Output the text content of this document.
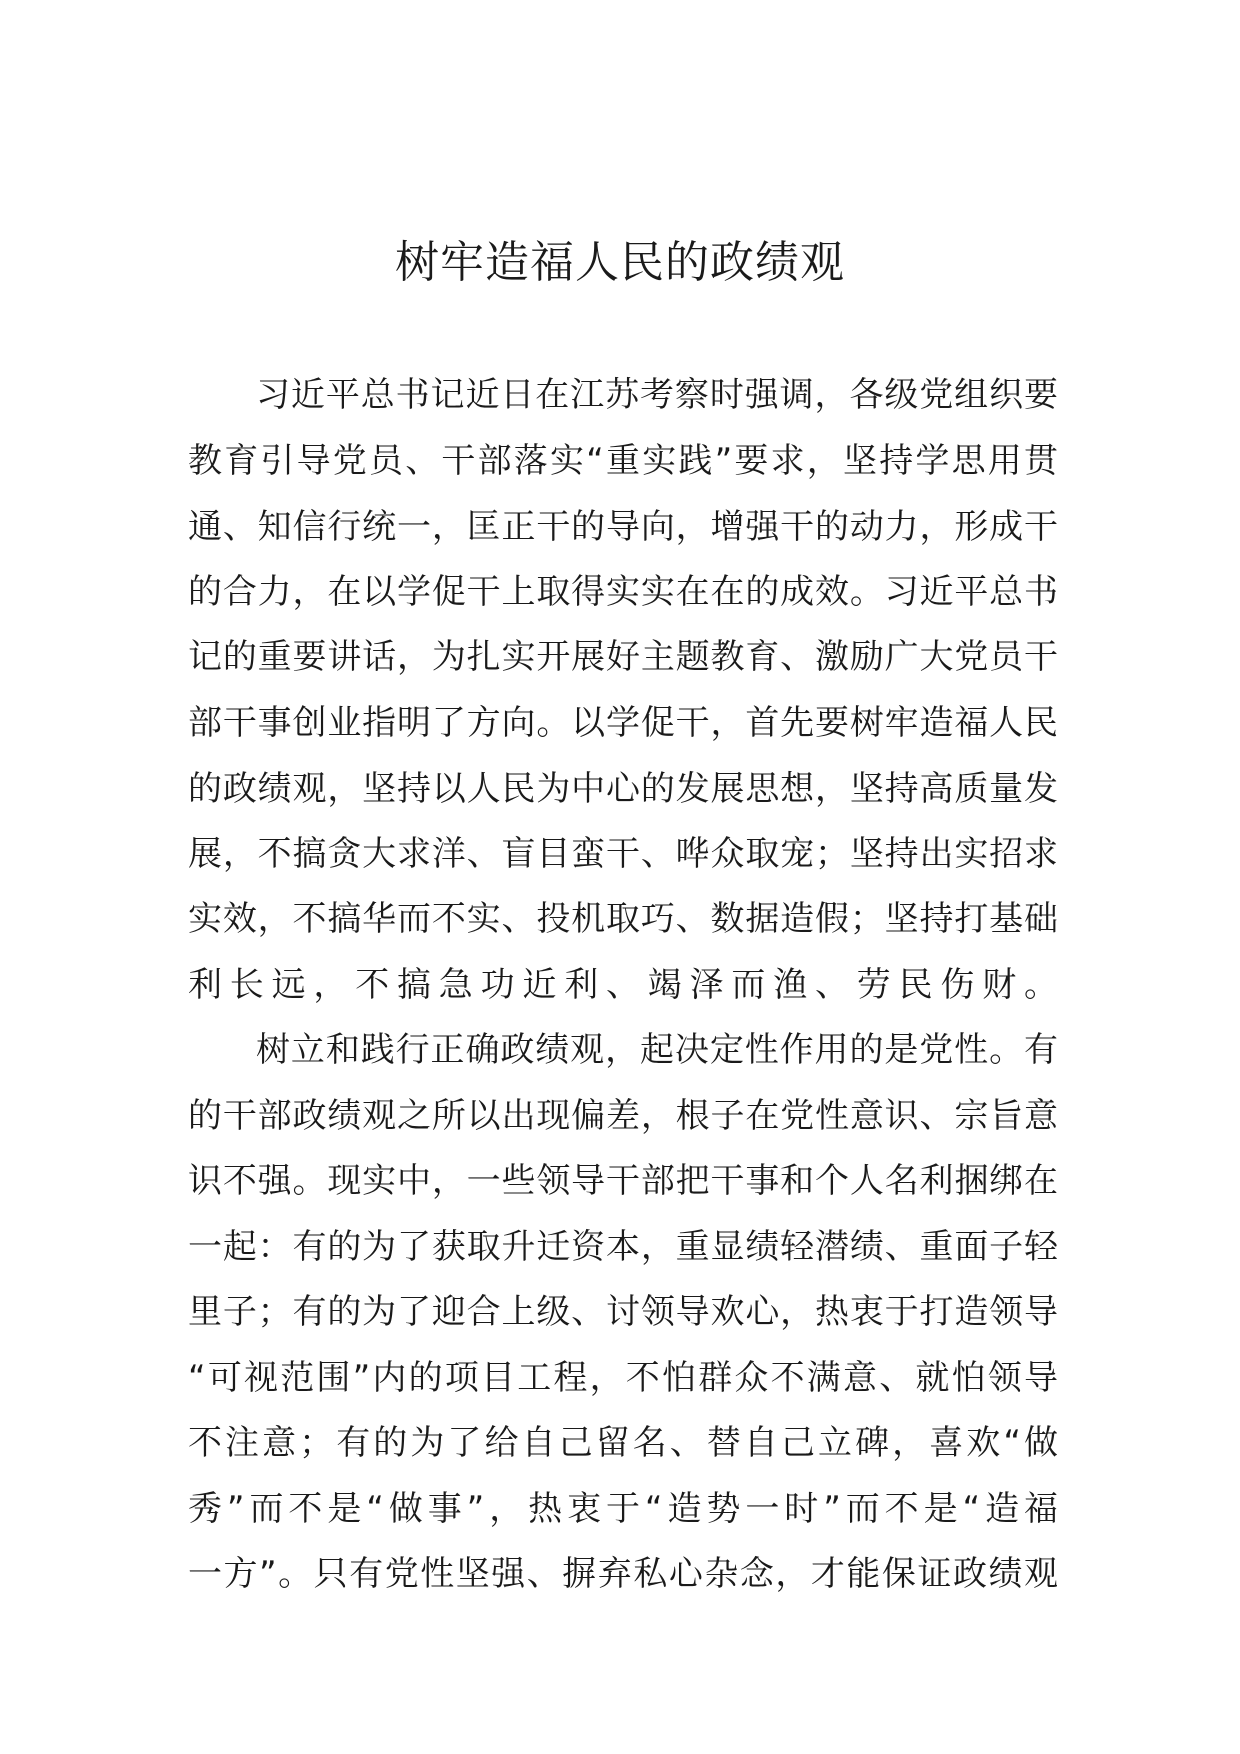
树牢造福人民的政绩观

习近平总书记近日在江苏考察时强调，各级党组织要

教育引导党员、干部落实“重实践”要求，坚持学思用贯

通、知信行统一，匡正干的导向，增强干的动力，形成干

的合力，在以学促干上取得实实在在的成效。习近平总书

记的重要讲话，为扎实开展好主题教育、激励广大党员干

部干事创业指明了方向。以学促干，首先要树牢造福人民

的政绩观，坚持以人民为中心的发展思想，坚持高质量发

展，不搞贪大求洋、盲目蛮干、哗众取宠；坚持出实招求

实效，不搞华而不实、投机取巧、数据造假；坚持打基础

利长远，不搞急功近利、竭泽而渔、劳民伤财。

树立和践行正确政绩观，起决定性作用的是党性。有

的干部政绩观之所以出现偏差，根子在党性意识、宗旨意

识不强。现实中，一些领导干部把干事和个人名利捆绑在

一起：有的为了获取升迁资本，重显绩轻潜绩、重面子轻

里子；有的为了迎合上级、讨领导欢心，热衷于打造领导

“可视范围”内的项目工程，不怕群众不满意、就怕领导

不注意；有的为了给自己留名、替自己立碑，喜欢“做

秀”而不是“做事”，热衷于“造势一时”而不是“造福

一方”。只有党性坚强、摒弃私心杂念，才能保证政绩观
